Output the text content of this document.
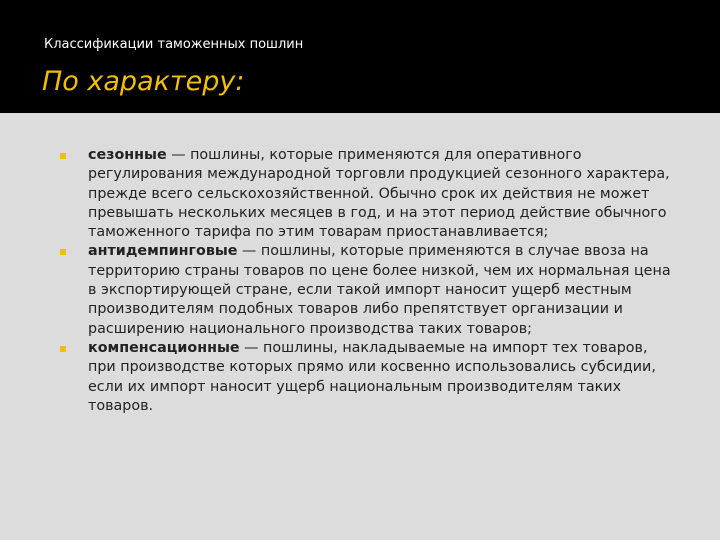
Классификации таможенных пошлин
По характеру:
сезонные — пошлины, которые применяются для оперативного регулирования международной торговли продукцией сезонного характера, прежде всего сельскохозяйственной. Обычно срок их действия не может превышать нескольких месяцев в год, и на этот период действие обычного таможенного тарифа по этим товарам приостанавливается;
антидемпинговые — пошлины, которые применяются в случае ввоза на территорию страны товаров по цене более низкой, чем их нормальная цена в экспортирующей стране, если такой импорт наносит ущерб местным производителям подобных товаров либо препятствует организации и расширению национального производства таких товаров;
компенсационные — пошлины, накладываемые на импорт тех товаров, при производстве которых прямо или косвенно использовались субсидии, если их импорт наносит ущерб национальным производителям таких товаров.
